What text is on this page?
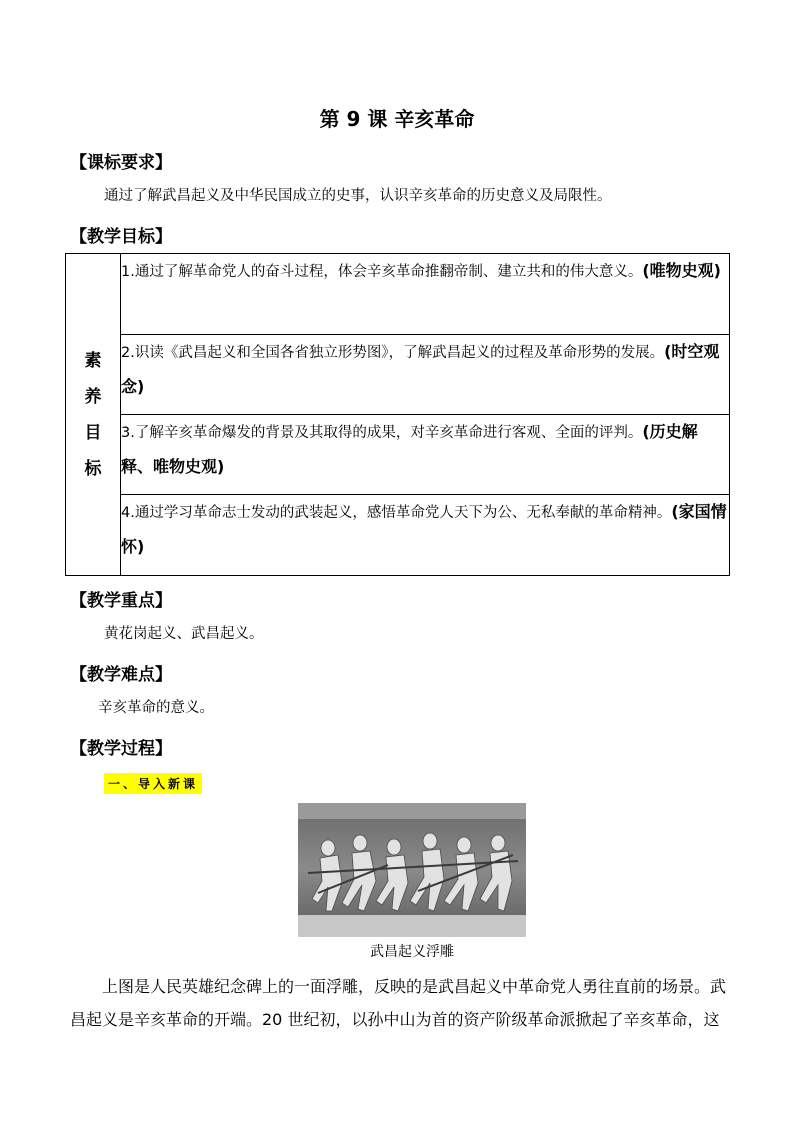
第 9 课 辛亥革命
【课标要求】
通过了解武昌起义及中华民国成立的史事，认识辛亥革命的历史意义及局限性。
【教学目标】
素
养
目
标
	1.通过了解革命党人的奋斗过程，体会辛亥革命推翻帝制、建立共和的伟大意义。(唯物史观)
2.识读《武昌起义和全国各省独立形势图》，了解武昌起义的过程及革命形势的发展。(时空观念)
3.了解辛亥革命爆发的背景及其取得的成果，对辛亥革命进行客观、全面的评判。(历史解释、唯物史观)
4.通过学习革命志士发动的武装起义，感悟革命党人天下为公、无私奉献的革命精神。(家国情怀)
【教学重点】
黄花岗起义、武昌起义。
【教学难点】
辛亥革命的意义。
【教学过程】
一、导入新课
武昌起义浮雕
上图是人民英雄纪念碑上的一面浮雕，反映的是武昌起义中革命党人勇往直前的场景。武昌起义是辛亥革命的开端。20 世纪初，以孙中山为首的资产阶级革命派掀起了辛亥革命，这
